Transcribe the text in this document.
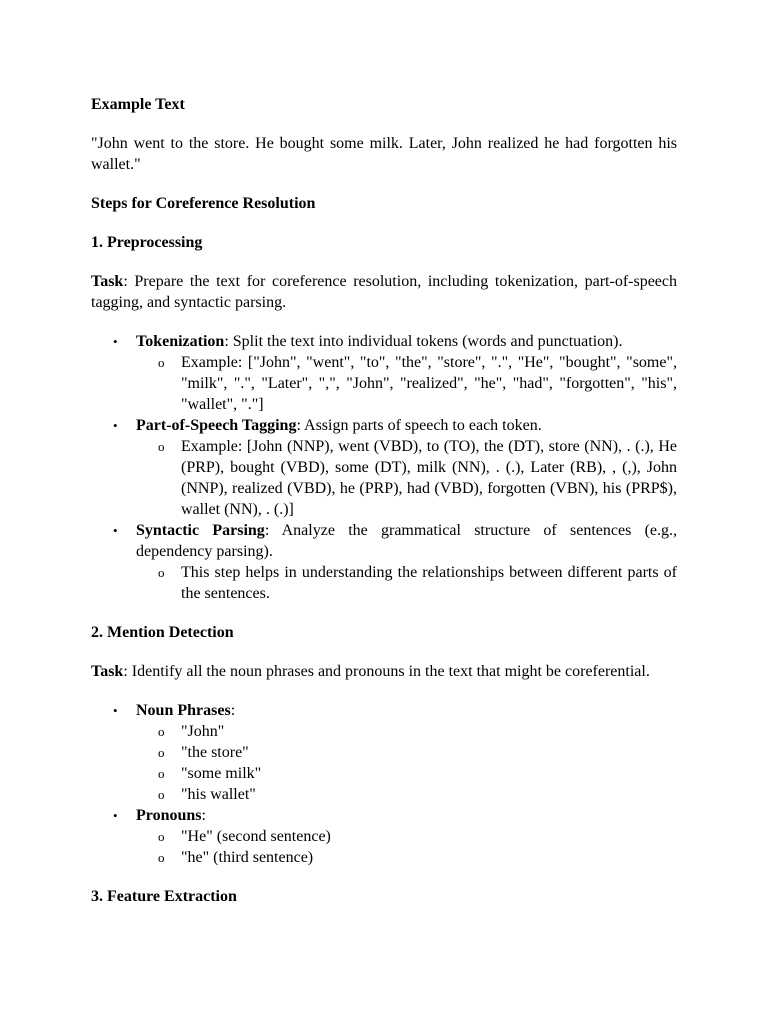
Example Text

"John went to the store. He bought some milk. Later, John realized he had forgotten his wallet."

Steps for Coreference Resolution

1. Preprocessing

Task: Prepare the text for coreference resolution, including tokenization, part-of-speech tagging, and syntactic parsing.

• Tokenization: Split the text into individual tokens (words and punctuation).
o Example: ["John", "went", "to", "the", "store", ".", "He", "bought", "some", "milk", ".", "Later", ",", "John", "realized", "he", "had", "forgotten", "his", "wallet", "."]
• Part-of-Speech Tagging: Assign parts of speech to each token.
o Example: [John (NNP), went (VBD), to (TO), the (DT), store (NN), . (.), He (PRP), bought (VBD), some (DT), milk (NN), . (.), Later (RB), , (,), John (NNP), realized (VBD), he (PRP), had (VBD), forgotten (VBN), his (PRP$), wallet (NN), . (.)]
• Syntactic Parsing: Analyze the grammatical structure of sentences (e.g., dependency parsing).
o This step helps in understanding the relationships between different parts of the sentences.

2. Mention Detection

Task: Identify all the noun phrases and pronouns in the text that might be coreferential.

• Noun Phrases:
o "John"
o "the store"
o "some milk"
o "his wallet"
• Pronouns:
o "He" (second sentence)
o "he" (third sentence)

3. Feature Extraction
